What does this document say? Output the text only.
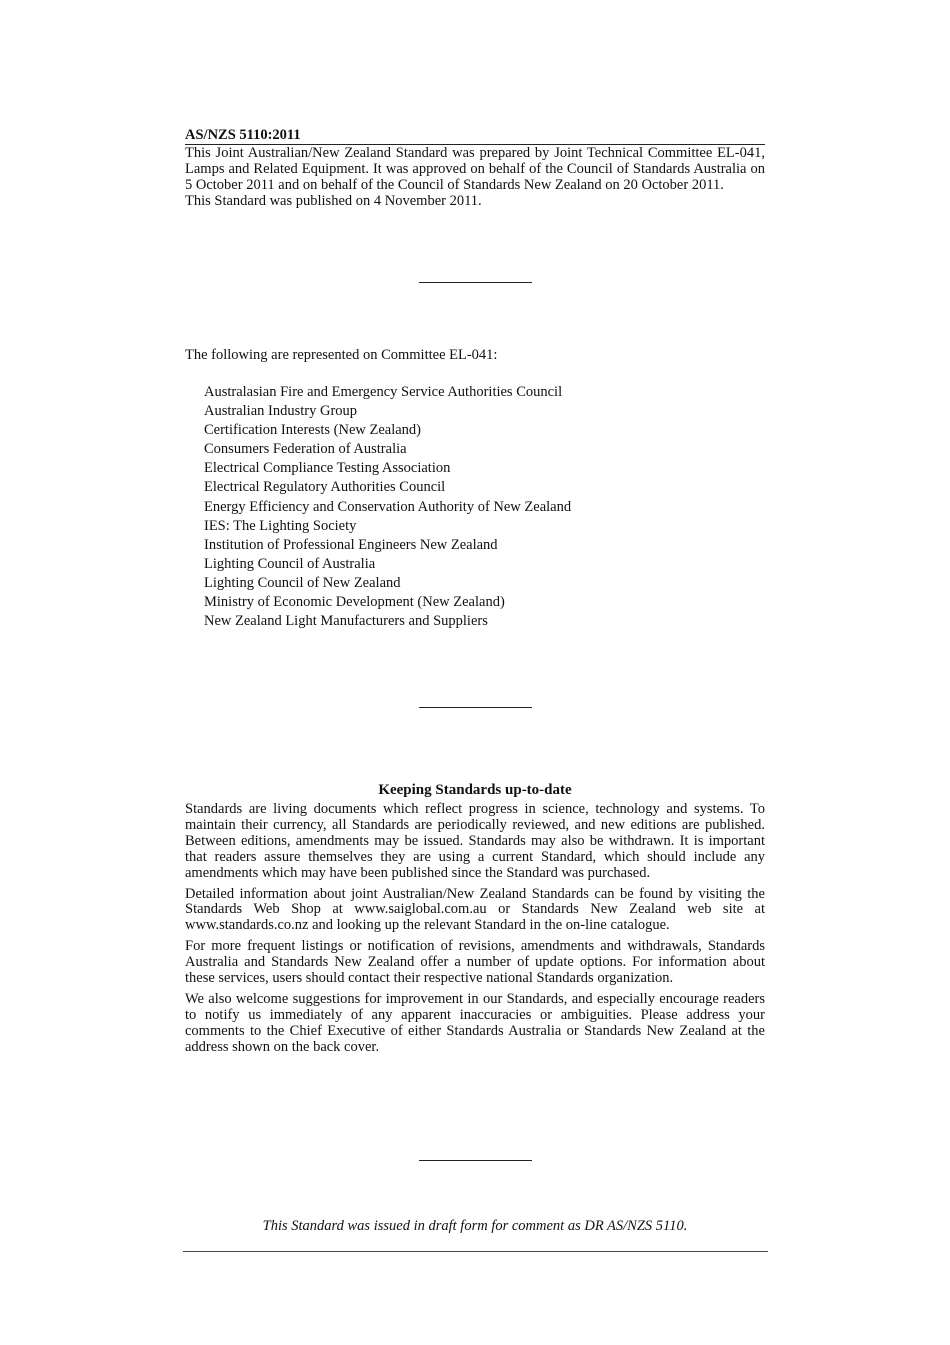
AS/NZS 5110:2011

This Joint Australian/New Zealand Standard was prepared by Joint Technical Committee EL-041, Lamps and Related Equipment. It was approved on behalf of the Council of Standards Australia on 5 October 2011 and on behalf of the Council of Standards New Zealand on 20 October 2011.

This Standard was published on 4 November 2011.

The following are represented on Committee EL-041:
Australasian Fire and Emergency Service Authorities Council
Australian Industry Group
Certification Interests (New Zealand)
Consumers Federation of Australia
Electrical Compliance Testing Association
Electrical Regulatory Authorities Council
Energy Efficiency and Conservation Authority of New Zealand
IES: The Lighting Society
Institution of Professional Engineers New Zealand
Lighting Council of Australia
Lighting Council of New Zealand
Ministry of Economic Development (New Zealand)
New Zealand Light Manufacturers and Suppliers
Keeping Standards up-to-date

Standards are living documents which reflect progress in science, technology and systems. To maintain their currency, all Standards are periodically reviewed, and new editions are published. Between editions, amendments may be issued. Standards may also be withdrawn. It is important that readers assure themselves they are using a current Standard, which should include any amendments which may have been published since the Standard was purchased.

Detailed information about joint Australian/New Zealand Standards can be found by visiting the Standards Web Shop at www.saiglobal.com.au or Standards New Zealand web site at www.standards.co.nz and looking up the relevant Standard in the on-line catalogue.

For more frequent listings or notification of revisions, amendments and withdrawals, Standards Australia and Standards New Zealand offer a number of update options. For information about these services, users should contact their respective national Standards organization.

We also welcome suggestions for improvement in our Standards, and especially encourage readers to notify us immediately of any apparent inaccuracies or ambiguities. Please address your comments to the Chief Executive of either Standards Australia or Standards New Zealand at the address shown on the back cover.

This Standard was issued in draft form for comment as DR AS/NZS 5110.
